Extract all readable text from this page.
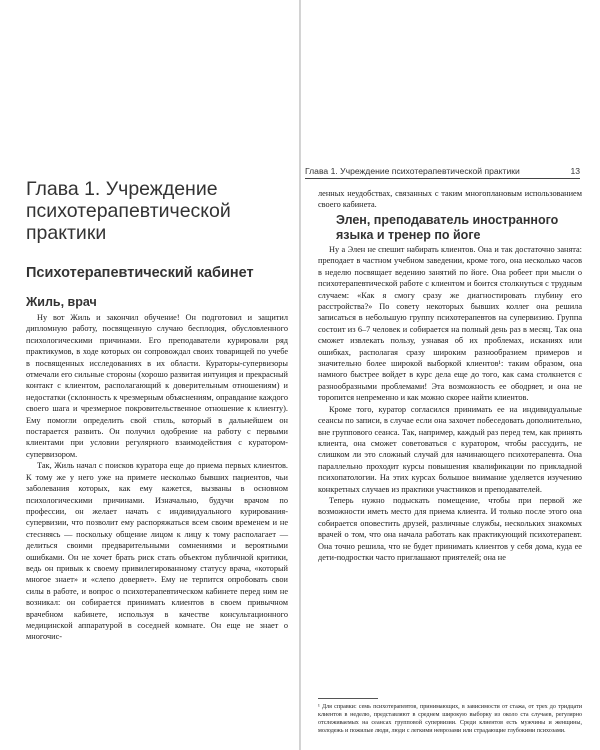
Глава 1. Учреждение психотерапевтической практики
Психотерапевтический кабинет
Жиль, врач

Ну вот Жиль и закончил обучение! Он подготовил и защитил дипломную работу, посвященную случаю бесплодия, обусловленного психологическими причинами. Его преподаватели курировали ряд практикумов, в ходе которых он сопровождал своих товарищей по учебе в посвященных исследованиях в их области. Кураторы-супервизоры отмечали его сильные стороны (хорошо развитая интуиция и прекрасный контакт с клиентом, располагающий к доверительным отношениям) и недостатки (склонность к чрезмерным объяснениям, оправдание каждого своего шага и чрезмерное покровительственное отношение к клиенту). Ему помогли определить свой стиль, который в дальнейшем он постарается развить. Он получил одобрение на работу с первыми клиентами при условии регулярного взаимодействия с куратором-супервизором.

Так, Жиль начал с поисков куратора еще до приема первых клиентов. К тому же у него уже на примете несколько бывших пациентов, чьи заболевания которых, как ему кажется, вызваны в основном психологическими причинами. Изначально, будучи врачом по профессии, он желает начать с индивидуального курирования-супервизии, что позволит ему распоряжаться всем своим временем и не стесняясь — поскольку общение лицом к лицу к тому располагает — делиться своими предварительными сомнениями и вероятными ошибками. Он не хочет брать риск стать объектом публичной критики, ведь он привык к своему привилегированному статусу врача, «который многое знает» и «слепо доверяет». Ему не терпится опробовать свои силы в работе, и вопрос о психотерапевтическом кабинете перед ним не возникал: он собирается принимать клиентов в своем привычном врачебном кабинете, используя в качестве консультационного медицинской аппаратурой в соседней комнате. Он еще не знает о многочис-

Глава 1. Учреждение психотерапевтической практики	13

ленных неудобствах, связанных с таким многоплановым использованием своего кабинета.

Элен, преподаватель иностранного языка и тренер по йоге

Ну а Элен не спешит набирать клиентов. Она и так достаточно занята: преподает в частном учебном заведении, кроме того, она несколько часов в неделю посвящает ведению занятий по йоге. Она робеет при мысли о психотерапевтической работе с клиентом и боится столкнуться с трудным случаем: «Как я смогу сразу же диагностировать глубину его расстройства?» По совету некоторых бывших коллег она решила записаться в небольшую группу психотерапевтов на супервизию. Группа состоит из 6–7 человек и собирается на полный день раз в месяц. Так она сможет извлекать пользу, узнавая об их проблемах, исканиях или ошибках, располагая сразу широким разнообразием примеров и значительно более широкой выборкой клиентов¹: таким образом, она намного быстрее войдет в курс дела еще до того, как сама столкнется с разнообразными проблемами! Эта возможность ее ободряет, и она не торопится непременно и как можно скорее найти клиентов.

Кроме того, куратор согласился принимать ее на индивидуальные сеансы по записи, в случае если она захочет побеседовать дополнительно, вне группового сеанса. Так, например, каждый раз перед тем, как принять клиента, она сможет советоваться с куратором, чтобы рассудить, не слишком ли это сложный случай для начинающего психотерапевта. Она параллельно проходит курсы повышения квалификации по прикладной психопатологии. На этих курсах большое внимание уделяется изучению конкретных случаев из практики участников и преподавателей.

Теперь нужно подыскать помещение, чтобы при первой же возможности иметь место для приема клиента. И только после этого она собирается оповестить друзей, различные службы, нескольких знакомых врачей о том, что она начала работать как практикующий психотерапевт. Она точно решила, что не будет принимать клиентов у себя дома, куда ее дети-подростки часто приглашают приятелей; она не

¹ Для справки: семь психотерапевтов, принимающих, в зависимости от стажа, от трех до тридцати клиентов в неделю, представляют в среднем широкую выборку из около ста случаев, регулярно отслеживаемых на сеансах групповой супервизии. Среди клиентов есть мужчины и женщины, молодежь и пожилые люди, люди с легкими неврозами или страдающие глубокими психозами.
